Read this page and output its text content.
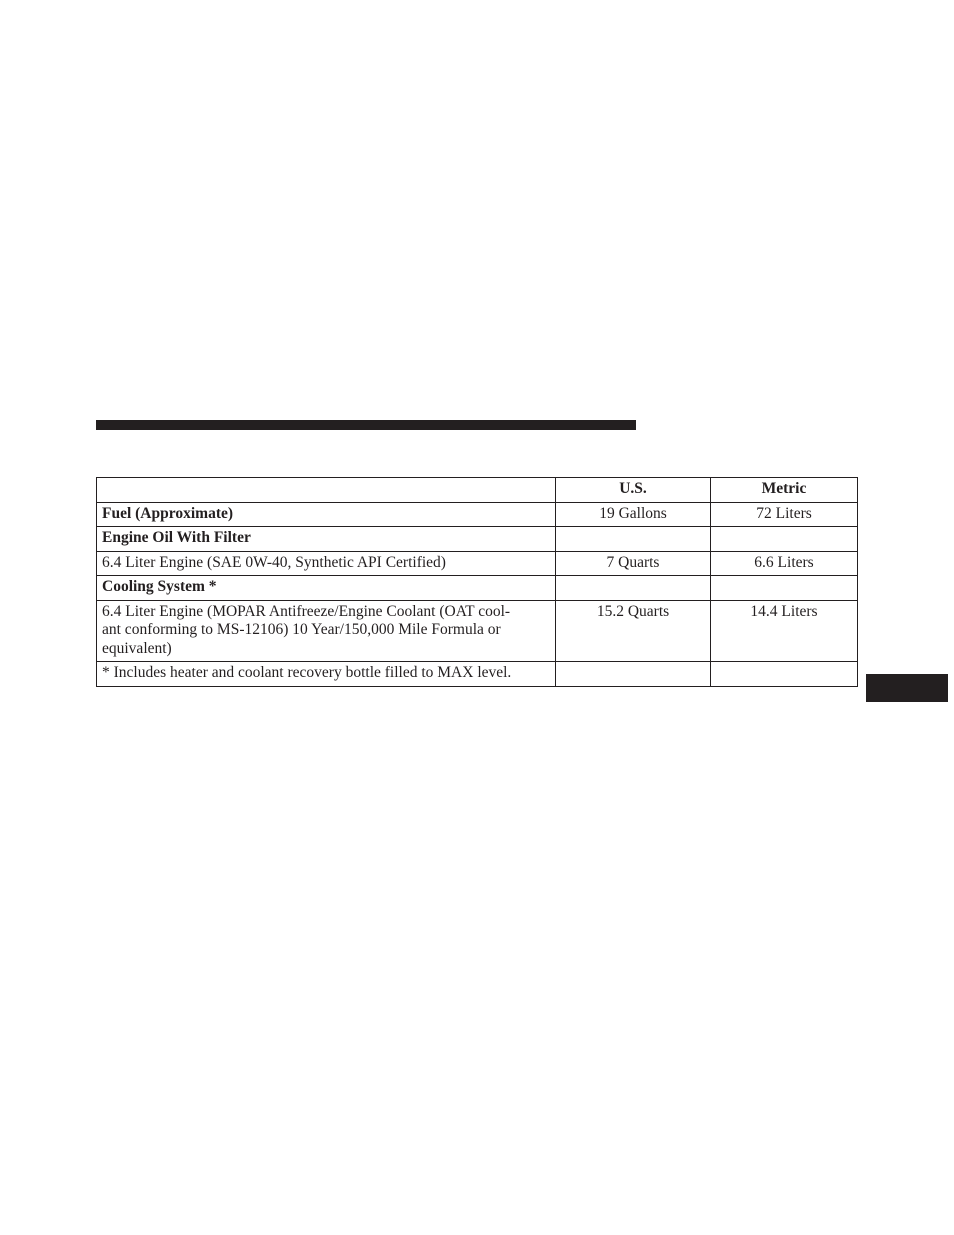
	U.S.	Metric
Fuel (Approximate)	19 Gallons	72 Liters
Engine Oil With Filter		
6.4 Liter Engine (SAE 0W-40, Synthetic API Certified)	7 Quarts	6.6 Liters
Cooling System *		
6.4 Liter Engine (MOPAR Antifreeze/Engine Coolant (OAT cool-
ant conforming to MS-12106) 10 Year/150,000 Mile Formula or
equivalent)	15.2 Quarts	14.4 Liters
* Includes heater and coolant recovery bottle filled to MAX level.		
